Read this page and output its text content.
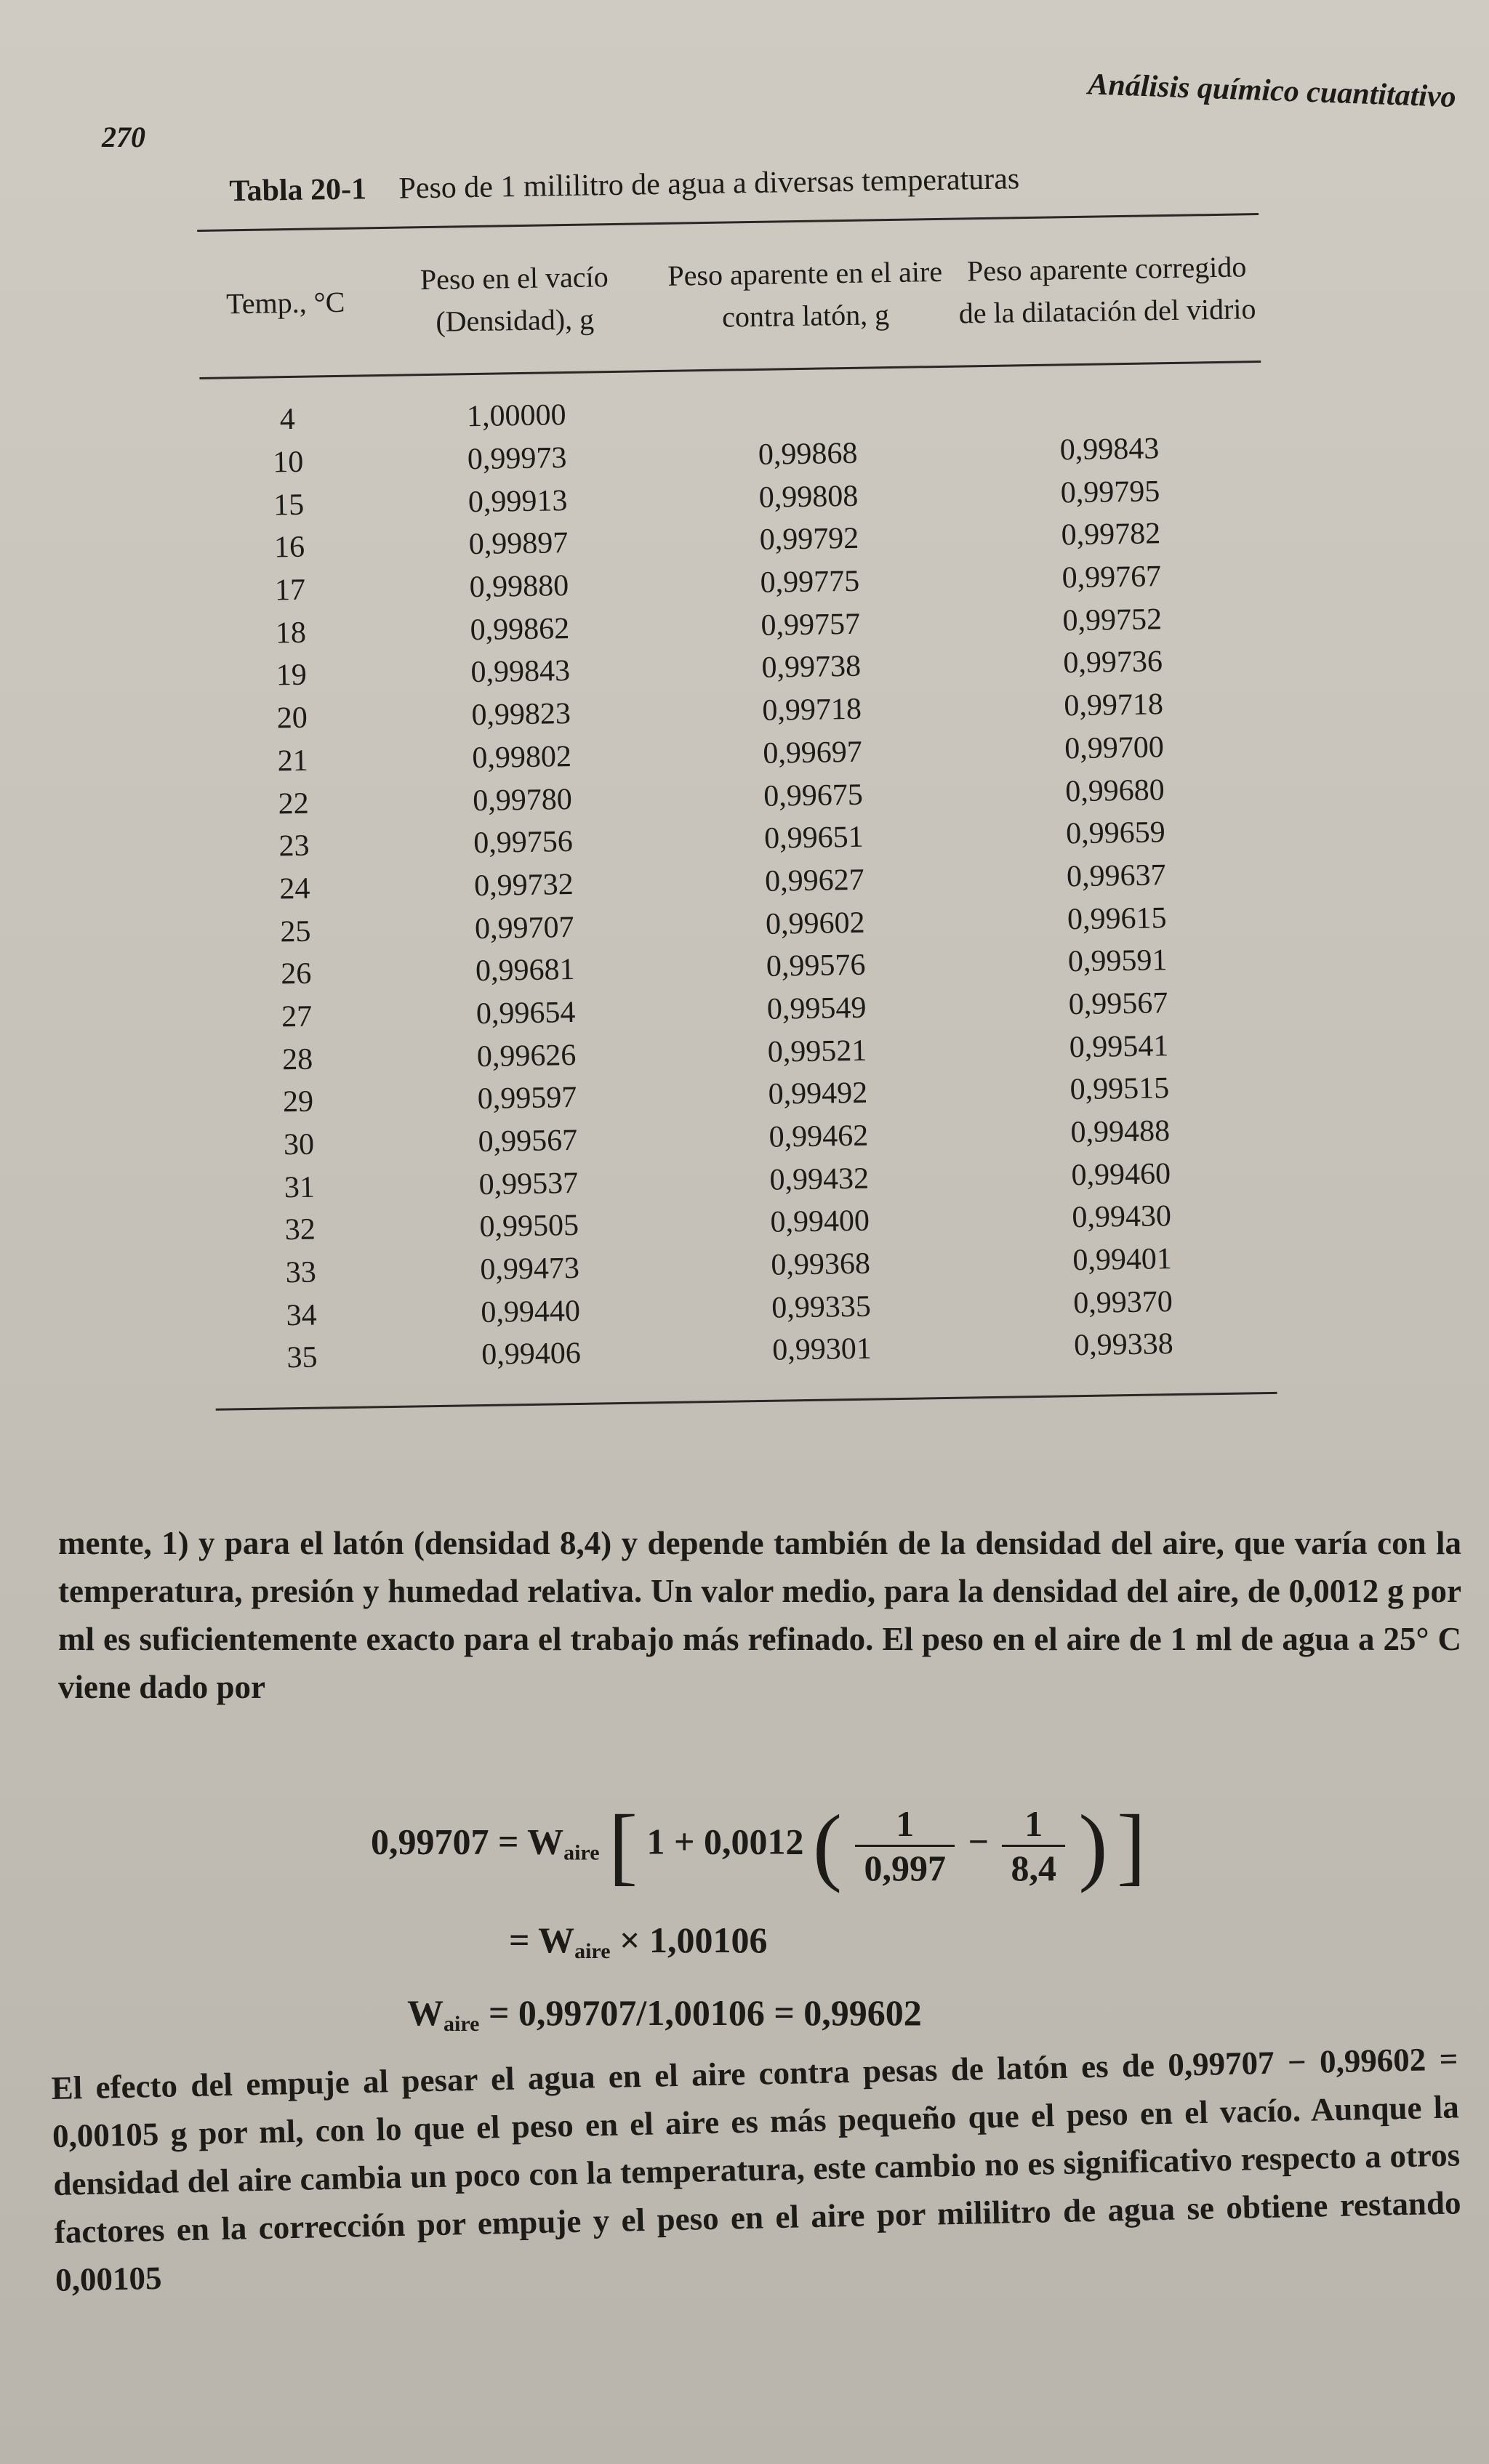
270
Análisis químico cuantitativo
Tabla 20-1 Peso de 1 mililitro de agua a diversas temperaturas
Temp., °C
Peso en el vacío (Densidad), g
Peso aparente en el aire contra latón, g
Peso aparente corregido de la dilatación del vidrio
4	1,00000
10	0,99973	0,99868	0,99843
15	0,99913	0,99808	0,99795
16	0,99897	0,99792	0,99782
17	0,99880	0,99775	0,99767
18	0,99862	0,99757	0,99752
19	0,99843	0,99738	0,99736
20	0,99823	0,99718	0,99718
21	0,99802	0,99697	0,99700
22	0,99780	0,99675	0,99680
23	0,99756	0,99651	0,99659
24	0,99732	0,99627	0,99637
25	0,99707	0,99602	0,99615
26	0,99681	0,99576	0,99591
27	0,99654	0,99549	0,99567
28	0,99626	0,99521	0,99541
29	0,99597	0,99492	0,99515
30	0,99567	0,99462	0,99488
31	0,99537	0,99432	0,99460
32	0,99505	0,99400	0,99430
33	0,99473	0,99368	0,99401
34	0,99440	0,99335	0,99370
35	0,99406	0,99301	0,99338
mente, 1) y para el latón (densidad 8,4) y depende también de la densidad del aire, que varía con la temperatura, presión y humedad relativa. Un valor medio, para la densidad del aire, de 0,0012 g por ml es suficientemente exacto para el trabajo más refinado. El peso en el aire de 1 ml de agua a 25° C viene dado por
$0,99707 = W_{aire}$ [ 1 + 0,0012 ( $\frac{1}{0,997} - \frac{1}{8,4}$ ) ]
= $W_{aire} \times 1,00106$
$W_{aire} = 0,99707/1,00106 = 0,99602$
El efecto del empuje al pesar el agua en el aire contra pesas de latón es de 0,99707 − 0,99602 = 0,00105 g por ml, con lo que el peso en el aire es más pequeño que el peso en el vacío. Aunque la densidad del aire cambia un poco con la temperatura, este cambio no es significativo respecto a otros factores en la corrección por empuje y el peso en el aire por mililitro de agua se obtiene restando 0,00105
